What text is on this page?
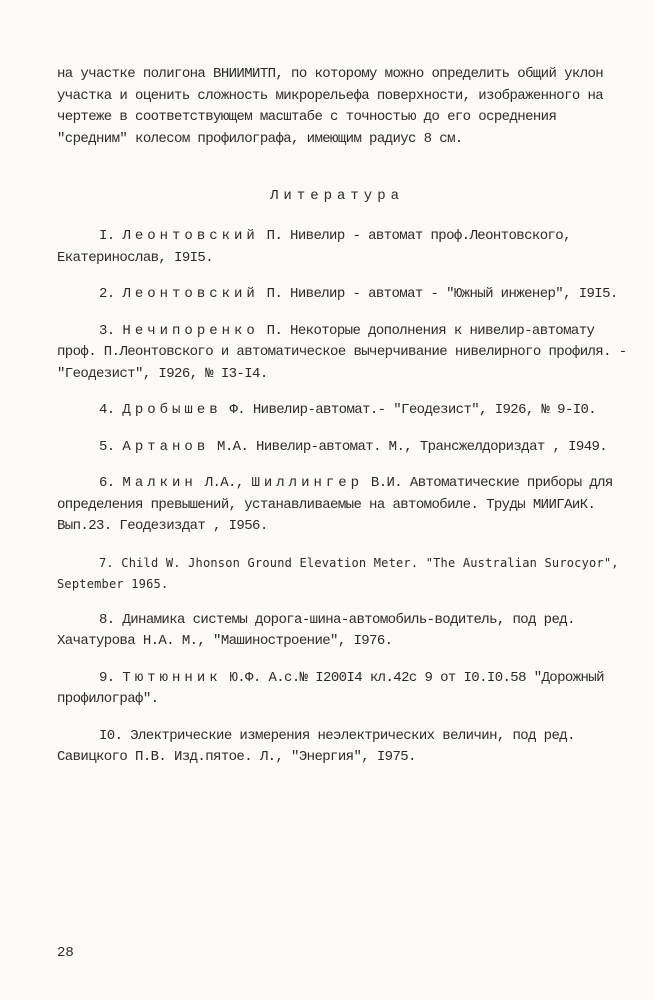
на участке полигона ВНИИМИТП, по которому можно определить общий уклон участка и оценить сложность микрорельефа поверхности, изображенного на чертеже в соответствующем масштабе с точностью до его осреднения "средним" колесом профилографа, имеющим радиус 8 см.

Литература

I. Леонтовский П. Нивелир - автомат проф.Леонтовского, Екатеринослав, I9I5.

2. Леонтовский П. Нивелир - автомат - "Южный инженер", I9I5.

3. Нечипоренко П. Некоторые дополнения к нивелир-автомату проф. П.Леонтовского и автоматическое вычерчивание нивелирного профиля. - "Геодезист", I926, № I3-I4.

4. Дробышев Ф. Нивелир-автомат.- "Геодезист", I926, № 9-I0.

5. Артанов М.А. Нивелир-автомат. М., Трансжелдориздат , I949.

6. Малкин Л.А., Шиллингер В.И. Автоматические приборы для определения превышений, устанавливаемые на автомобиле. Труды МИИГАиК. Вып.23. Геодезиздат , I956.

7. Child W. Jhonson Ground Elevation Meter. "The Australian Surocyor", September 1965.

8. Динамика системы дорога-шина-автомобиль-водитель, под ред. Хачатурова Н.А. М., "Машиностроение", I976.

9. Тютюнник Ю.Ф. А.с.№ I200I4 кл.42с 9 от I0.I0.58 "Дорожный профилограф".

I0. Электрические измерения неэлектрических величин, под ред. Савицкого П.В. Изд.пятое. Л., "Энергия", I975.

28
